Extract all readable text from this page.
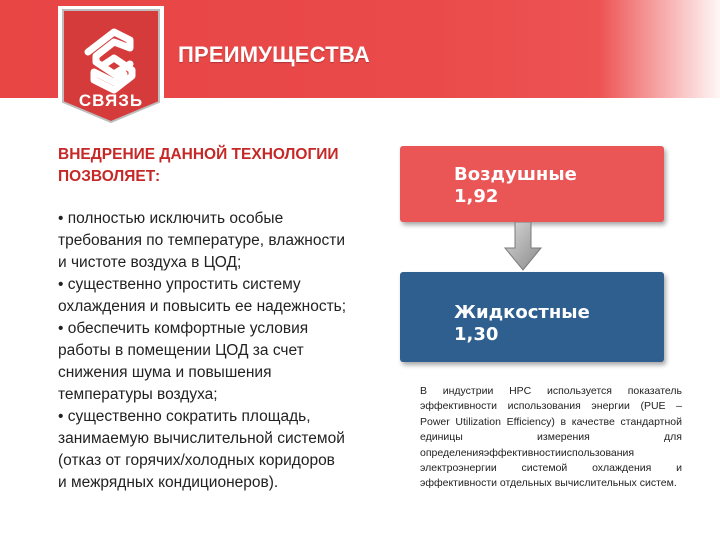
СВЯЗЬ
ПРЕИМУЩЕСТВА
ВНЕДРЕНИЕ ДАННОЙ ТЕХНОЛОГИИ
ПОЗВОЛЯЕТ:
• полностью исключить особые
требования по температуре, влажности
и чистоте воздуха в ЦОД;
• существенно упростить систему
охлаждения и повысить ее надежность;
• обеспечить комфортные условия
работы в помещении ЦОД за счет
снижения шума и повышения
температуры воздуха;
• существенно сократить площадь,
занимаемую вычислительной системой
(отказ от горячих/холодных коридоров
и межрядных кондиционеров).
Воздушные
1,92
Жидкостные
1,30
В индустрии HPC используется показатель эффективности использования энергии (PUE – Power Utilization Efficiency) в качестве стандартной единицы измерения для определенияэффективностииспользования электроэнергии системой охлаждения и эффективности отдельных вычислительных систем.
